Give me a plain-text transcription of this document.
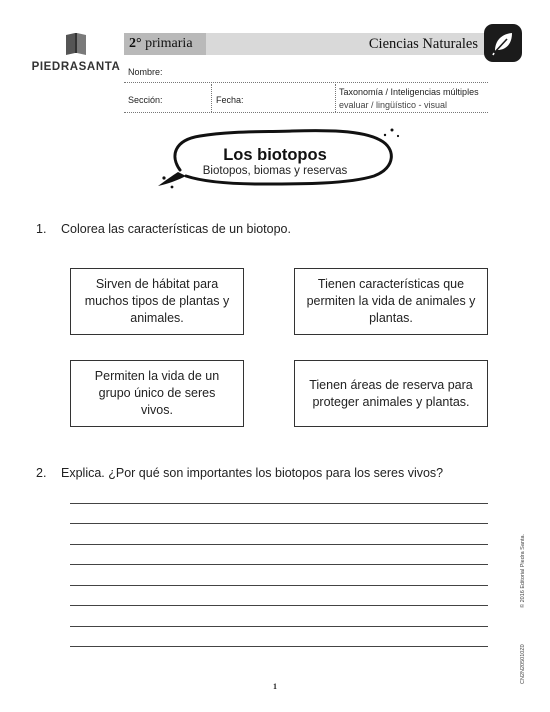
PIEDRASANTA
2° primaria	Ciencias Naturales
Nombre:
Sección:	Fecha:
Taxonomía / Inteligencias múltiples
evaluar / lingüístico - visual
Los biotopos
Biotopos, biomas y reservas
1. Colorea las características de un biotopo.
Sirven de hábitat para muchos tipos de plantas y animales.
Tienen características que permiten la vida de animales y plantas.
Permiten la vida de un grupo único de seres vivos.
Tienen áreas de reserva para proteger animales y plantas.
2. Explica. ¿Por qué son importantes los biotopos para los seres vivos?
© 2016 Editorial Piedra Santa.
CN2N205010Z0
1
